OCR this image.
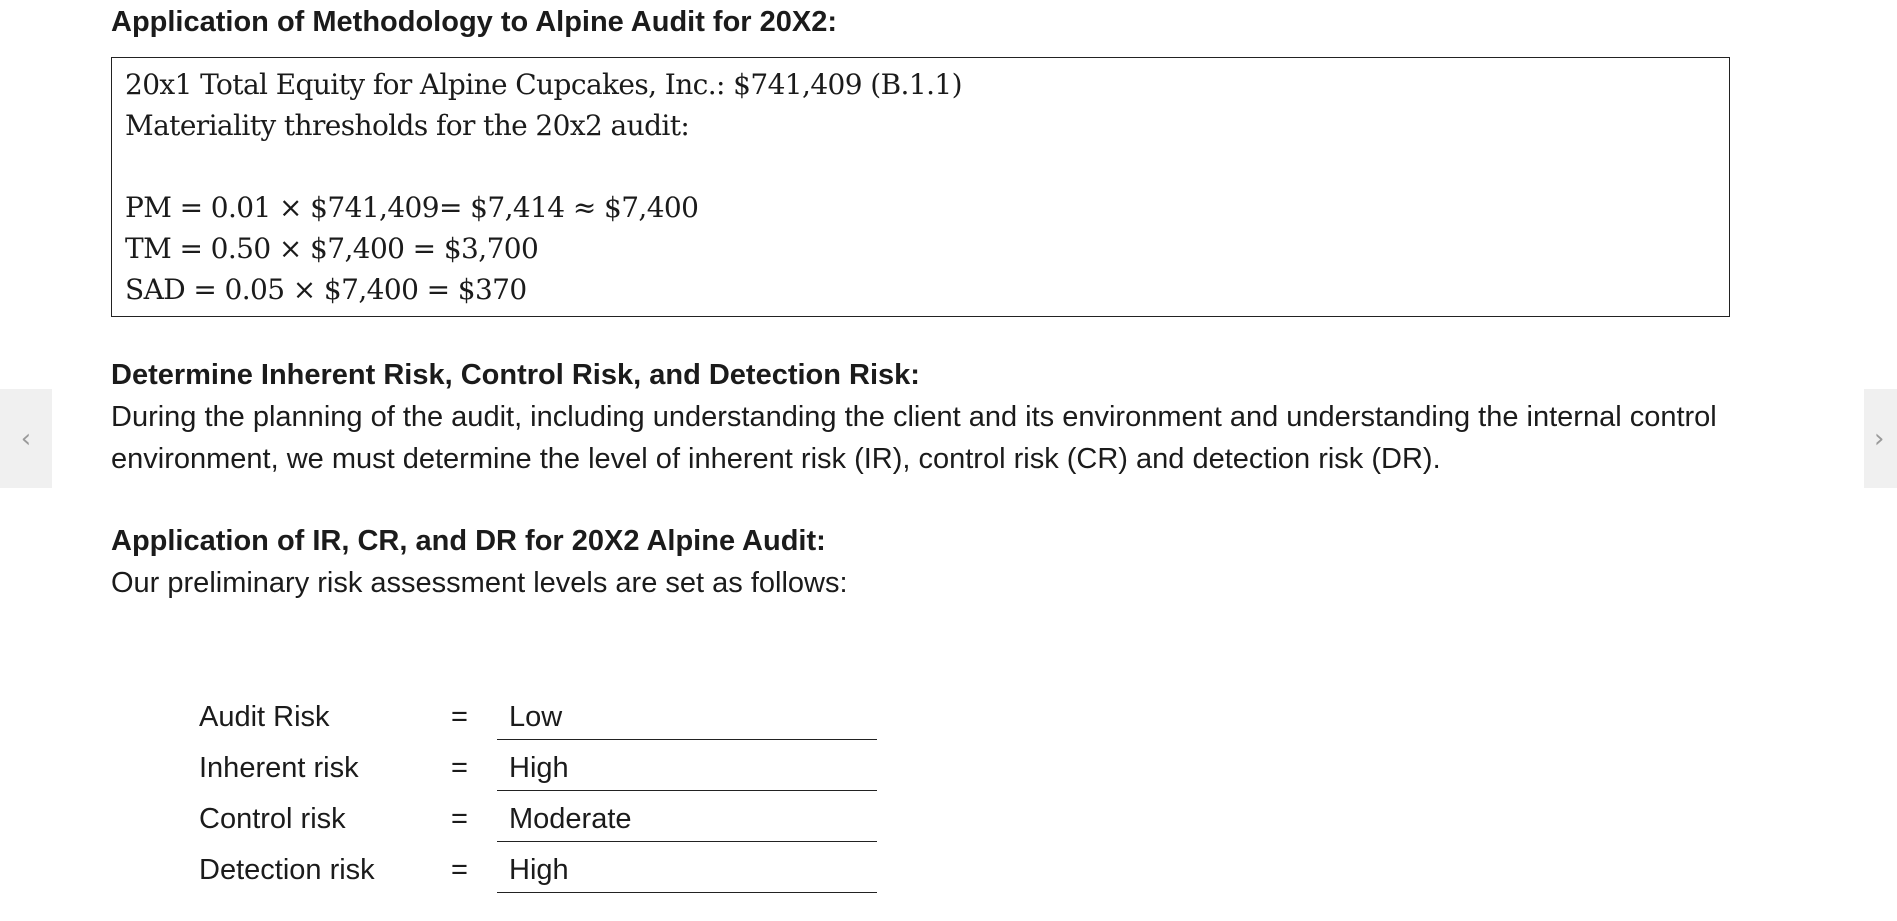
Application of Methodology to Alpine Audit for 20X2:

20x1 Total Equity for Alpine Cupcakes, Inc.: $741,409 (B.1.1)
Materiality thresholds for the 20x2 audit:
PM = 0.01 × $741,409= $7,414 ≈ $7,400
TM = 0.50 × $7,400 = $3,700
SAD = 0.05 × $7,400 = $370

Determine Inherent Risk, Control Risk, and Detection Risk:

During the planning of the audit, including understanding the client and its environment and understanding the internal control environment, we must determine the level of inherent risk (IR), control risk (CR) and detection risk (DR).

Application of IR, CR, and DR for 20X2 Alpine Audit:

Our preliminary risk assessment levels are set as follows:

Audit Risk	=	Low
Inherent risk	=	High
Control risk	=	Moderate
Detection risk	=	High
‹	›
